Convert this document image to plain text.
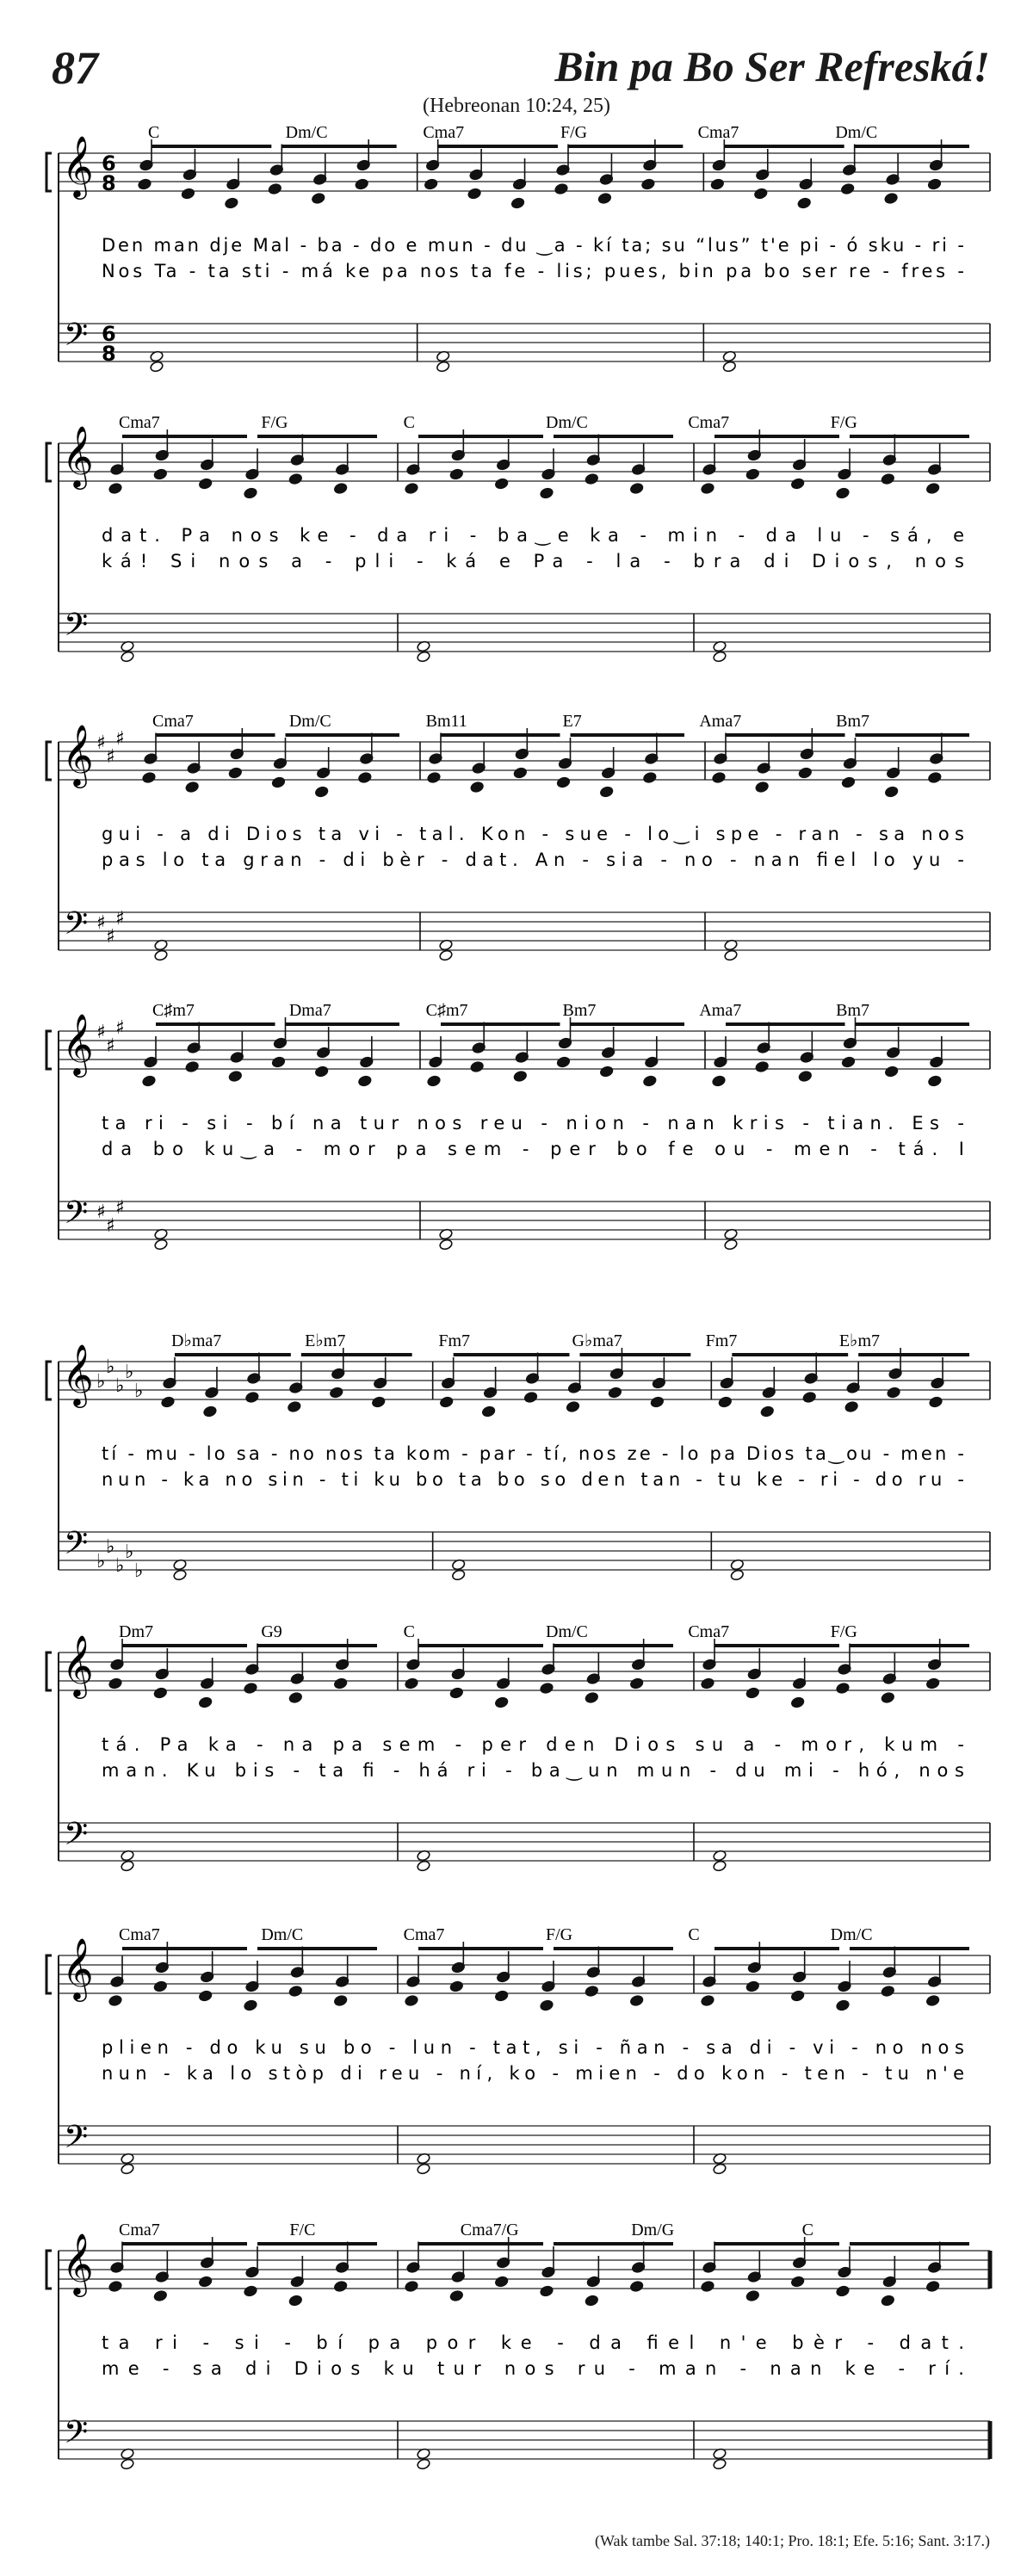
87	Bin pa Bo Ser Refreská!
(Hebreonan 10:24, 25)
𝄞
𝄢
6
8
6
8
C	Dm/C	Cma7	F/G	Cma7	Dm/C
Den man dje Mal - ba - do e mun - du ‿a - kí ta; su “lus” t'e pi - ó sku - ri -
Nos Ta - ta sti - má ke pa nos ta fe - lis; pues, bin pa bo ser re - fres -
𝄞
𝄢
Cma7	F/G	C	Dm/C	Cma7	F/G
dat. Pa nos ke - da ri - ba‿e ka - min - da lu - sá, e
ká! Si nos a - pli - ká e Pa - la - bra di Dios, nos
𝄞
𝄢
♯
♯
♯
♯
♯
♯
Cma7	Dm/C	Bm11	E7	Ama7	Bm7
gui - a di Dios ta vi - tal. Kon - sue - lo‿i spe - ran - sa nos
pas lo ta gran - di bèr - dat. An - sia - no - nan fiel lo yu -
𝄞
𝄢
♯
♯
♯
♯
♯
♯
C♯m7	Dma7	C♯m7	Bm7	Ama7	Bm7
ta ri - si - bí na tur nos reu - nion - nan kris - tian. Es -
da bo ku‿a - mor pa sem - per bo fe ou - men - tá. I
𝄞
𝄢
♭
♭
♭
♭
♭
♭
♭
♭
♭
♭
D♭ma7	E♭m7	Fm7	G♭ma7	Fm7	E♭m7
tí - mu - lo sa - no nos ta kom - par - tí, nos ze - lo pa Dios ta‿ou - men -
nun - ka no sin - ti ku bo ta bo so den tan - tu ke - ri - do ru -
𝄞
𝄢
Dm7	G9	C	Dm/C	Cma7	F/G
tá. Pa ka - na pa sem - per den Dios su a - mor, kum -
man. Ku bis - ta fi - há ri - ba‿un mun - du mi - hó, nos
𝄞
𝄢
Cma7	Dm/C	Cma7	F/G	C	Dm/C
plien - do ku su bo - lun - tat, si - ñan - sa di - vi - no nos
nun - ka lo stòp di reu - ní, ko - mien - do kon - ten - tu n'e
𝄞
𝄢
Cma7	F/C	Cma7/G	Dm/G	C
ta ri - si - bí pa por ke - da fiel n'e bèr - dat.
me - sa di Dios ku tur nos ru - man - nan ke - rí.
(Wak tambe Sal. 37:18; 140:1; Pro. 18:1; Efe. 5:16; Sant. 3:17.)
